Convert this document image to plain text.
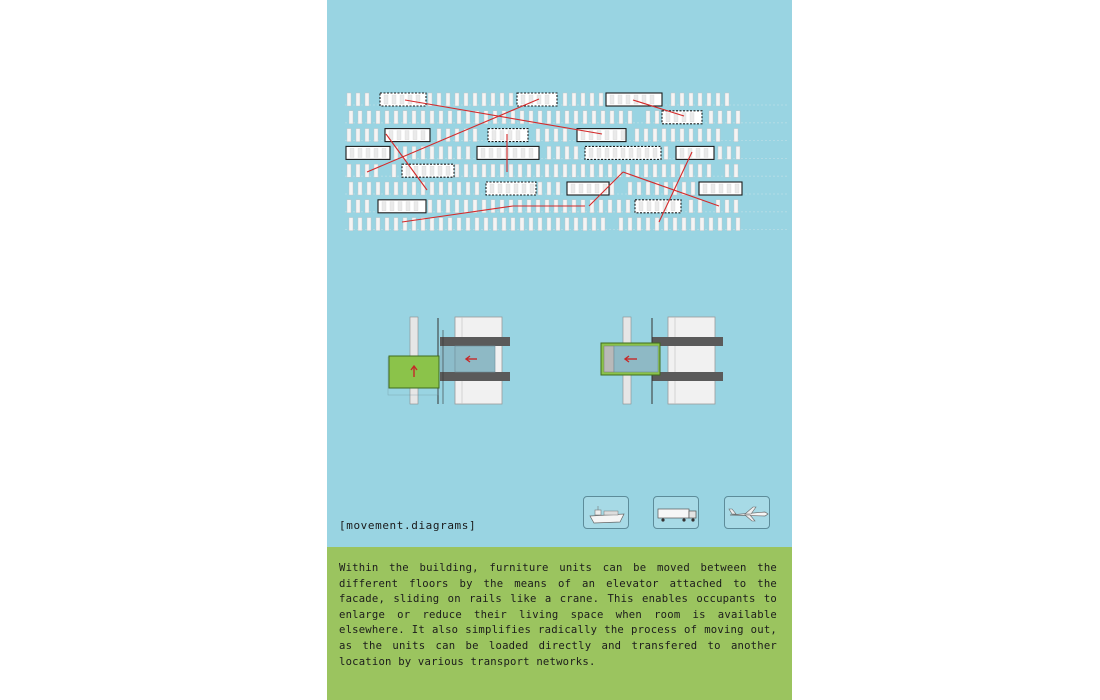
[movement.diagrams]

Within the building, furniture units can be moved between the different floors by the means of an elevator attached to the facade, sliding on rails like a crane. This enables occupants to enlarge or reduce their living space when room is available elsewhere. It also simplifies radically the process of moving out, as the units can be loaded directly and transfered to another location by various transport networks.
